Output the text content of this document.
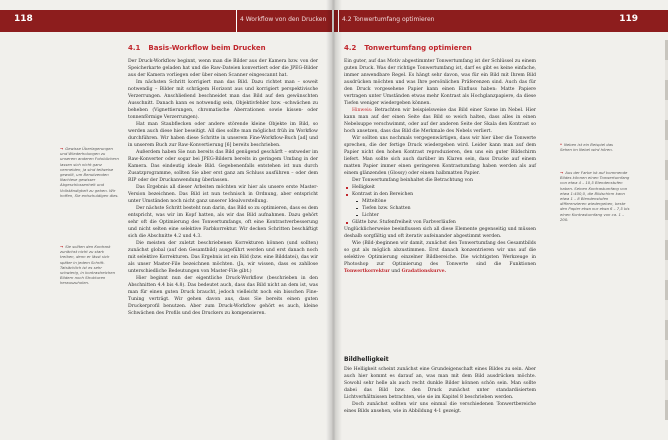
118	4 Workflow von den Drucken
4.1 Basis-Workflow beim Drucken

Der Druck-Workflow beginnt, wenn man die Bilder aus der Kamera bzw. von der Speicherkarte geladen hat und die Raw-Dateien konvertiert oder die JPEG-Bilder aus der Kamera vorliegen oder über einen Scanner eingescannt hat.

Im nächsten Schritt korrigiert man das Bild. Dazu richtet man – soweit notwendig – Bilder mit schrägem Horizont aus und korrigiert perspektivische Verzerrungen. Anschließend beschneidet man das Bild auf den gewünschten Ausschnitt. Danach kann es notwendig sein, Objektivfehler bzw. -schwächen zu beheben (Vignettierungen, chromatische Aberrationen sowie kissen- oder tonnenförmige Verzerrungen).

Hat man Staubflecken oder andere störende kleine Objekte im Bild, so werden auch diese hier beseitigt. All dies sollte man möglichst früh im Workflow durchführen. Wir haben diese Schritte in unserem Fine-Workflow-Buch [ad] und in unserem Buch zur Raw-Konvertierung [6] bereits beschrieben.

Außerdem haben Sie nun bereits das Bild genügend geschärft – entweder im Raw-Konverter oder sogar bei JPEG-Bildern bereits in geringem Umfang in der Kamera. Das eindeutig ideale Bild. Gegebenenfalls entstehen ist nun durch Zusatzprogramme, sollten Sie aber erst ganz am Schluss ausführen – oder dem RIP oder der Druckanwendung überlassen.

Das Ergebnis all dieser Arbeiten möchten wir hier als unsere erste Master-Version bezeichnen. Das Bild ist nun technisch in Ordnung, aber entspricht unter Umständen noch nicht ganz unserer Idealvorstellung.

Der nächste Schritt besteht nun darin, das Bild so zu optimieren, dass es dem entspricht, was wir im Kopf hatten, als wir das Bild aufnahmen. Dazu gehört sehr oft die Optimierung des Tonwertumfangs, oft eine Kontrastverbesserung und nicht selten eine selektive Farbkorrektur. Wir decken Schritten beschäftigt sich die Abschnitte 4.2 und 4.3.

Die meisten der zuletzt beschriebenen Korrekturen können (und sollten) zunächst global (auf den Gesamtbild) ausgeführt werden und erst danach noch mit selektive Korrekturen. Das Ergebnis ist ein Bild (bzw. eine Bilddatei), das wir als unser Master-File bezeichnen möchten. (Ja, wir wissen, dass es zahllose unterschiedliche Bedeutungen von Master-File gibt.)

Hier beginnt nun der eigentliche Druck-Workflow (beschrieben in den Abschnitten 4.4 bis 4.8). Das bedeutet auch, dass das Bild nicht an dem ist, was man für einen guten Druck braucht, jedoch vielleicht noch ein bisschen Fine-Tuning verträgt. Wir gehen davon aus, dass Sie bereits einen guten Druckerprofil benutzen. Aber zum Druck-Workflow gehört es auch, kleine Schwächen des Profils und des Druckers zu kompensieren.

→ Gewisse Überlagerungen und Wiederholungen zu unserem anderen Fotobüchern lassen sich nicht ganz vermeiden, ja sind teilweise gewollt, um Benutzenden Nachlese gewisser Abgeschlossenheit und Vollständigkeit zu geben. Wir hoffen, Sie entschuldigen dies.
→ Sie sollten den Kontrast zunächst nicht zu stark treiben, denn er lässt sich später in jedem Schritt. Tatsächlich ist es sehr schwierig, in kontrastreichen Bildern noch Strukturen herauszuholen.
4.2 Tonwertumfang optimieren	119
4.2 Tonwertumfang optimieren

Ein guter, auf das Motiv abgestimmter Tonwertumfang ist der Schlüssel zu einem guten Druck. Was der richtige Tonwertumfang ist, darf es gibt es keine einfache, immer anwendbare Regel. Es hängt sehr davon, was für ein Bild mit Ihrem Bild ausdrücken möchten und was Ihre persönlichen Präferenzen sind. Auch das für den Druck vorgesehene Papier kann einen Einfluss haben: Matte Papiere vertragen unter Umständen etwas mehr Kontrast als Hochglanzpapiere, da diese Tiefen weniger wiedergeben können.

Hinweis: Betrachten wir beispielsweise das Bild einer Szene im Nebel. Hier kann man auf der einen Seite das Bild so weich halten, dass alles in einen Nebelsuppe verschwimmt, oder auf der anderen Seite der Skala den Kontrast so hoch ansetzen, dass das Bild die Merkmale des Nebels verliert.

Wir sollten uns nochmals vergegenwärtigen, dass wir hier über die Tonwerte sprechen, die der fertige Druck wiedergeben wird. Leider kann man auf dem Papier nicht den hohen Kontrast reproduzieren, den uns ein guter Bildschirm liefert. Man sollte sich auch darüber im Klaren sein, dass Drucke auf einem matten Papier immer einen geringeren Kontrastumfang haben werden als auf einem glänzenden (Glossy) oder einem halbmatten Papier.

Der Tonwertumfang beinhaltet die Betrachtung von

Helligkeit
Kontrast in den Bereichen
Mitteltöne
Tiefen bzw. Schatten
Lichter
Glätte bzw. Stufenfreiheit von Farbverläufen

Unglücklicherweise beeinflussen sich all diese Elemente gegenseitig und müssen deshalb sorgfältig und oft iterativ aufeinander abgestimmt werden.

Wie (Bild-)beginnen wir damit, zunächst den Tonwertumfang des Gesamtbilds so gut als möglich abzustimmen. Erst danach konzentrieren wir uns auf die selektive Optimierung einzelner Bildbereiche. Die wichtigsten Werkzeuge in Photoshop zur Optimierung des Tonwerte sind die Funktionen Tonwertkorrektur und Gradationskurve.

Bildhelligkeit

Die Helligkeit scheint zunächst eine Grundeigenschaft eines Bildes zu sein. Aber auch hier kommt es darauf an, was man mit dem Bild ausdrücken möchte. Sowohl sehr helle als auch recht dunkle Bilder können schön sein. Man sollte dabei das Bild bzw. den Druck zunächst unter standardisiertem Lichtverhältnissen betrachten, wie sie im Kapitel 8 beschrieben werden.

Doch zunächst sollten wir uns einmal die verschiedenen Tonwertbereiche eines Bilds ansehen, wie in Abbildung 4-1 gezeigt.

* Neben ist ein Beispiel das Sehen im Nebel wird hören.
→ Aus der Farbe ist auf kommende Bildes können einen Tonwertumfang von etwa 4 – 10,5 Blendenstufen haben. Seinen Kontrastumfang von etwa 1:400,0, die Bildschirm kann etwa 1 – 8 Blendenstufen differenzieren wiedergeben, beste den Papier etwa nur etwa 6 – 7,5 bis einen Kontrastumfang von ca. 1 – 200.
